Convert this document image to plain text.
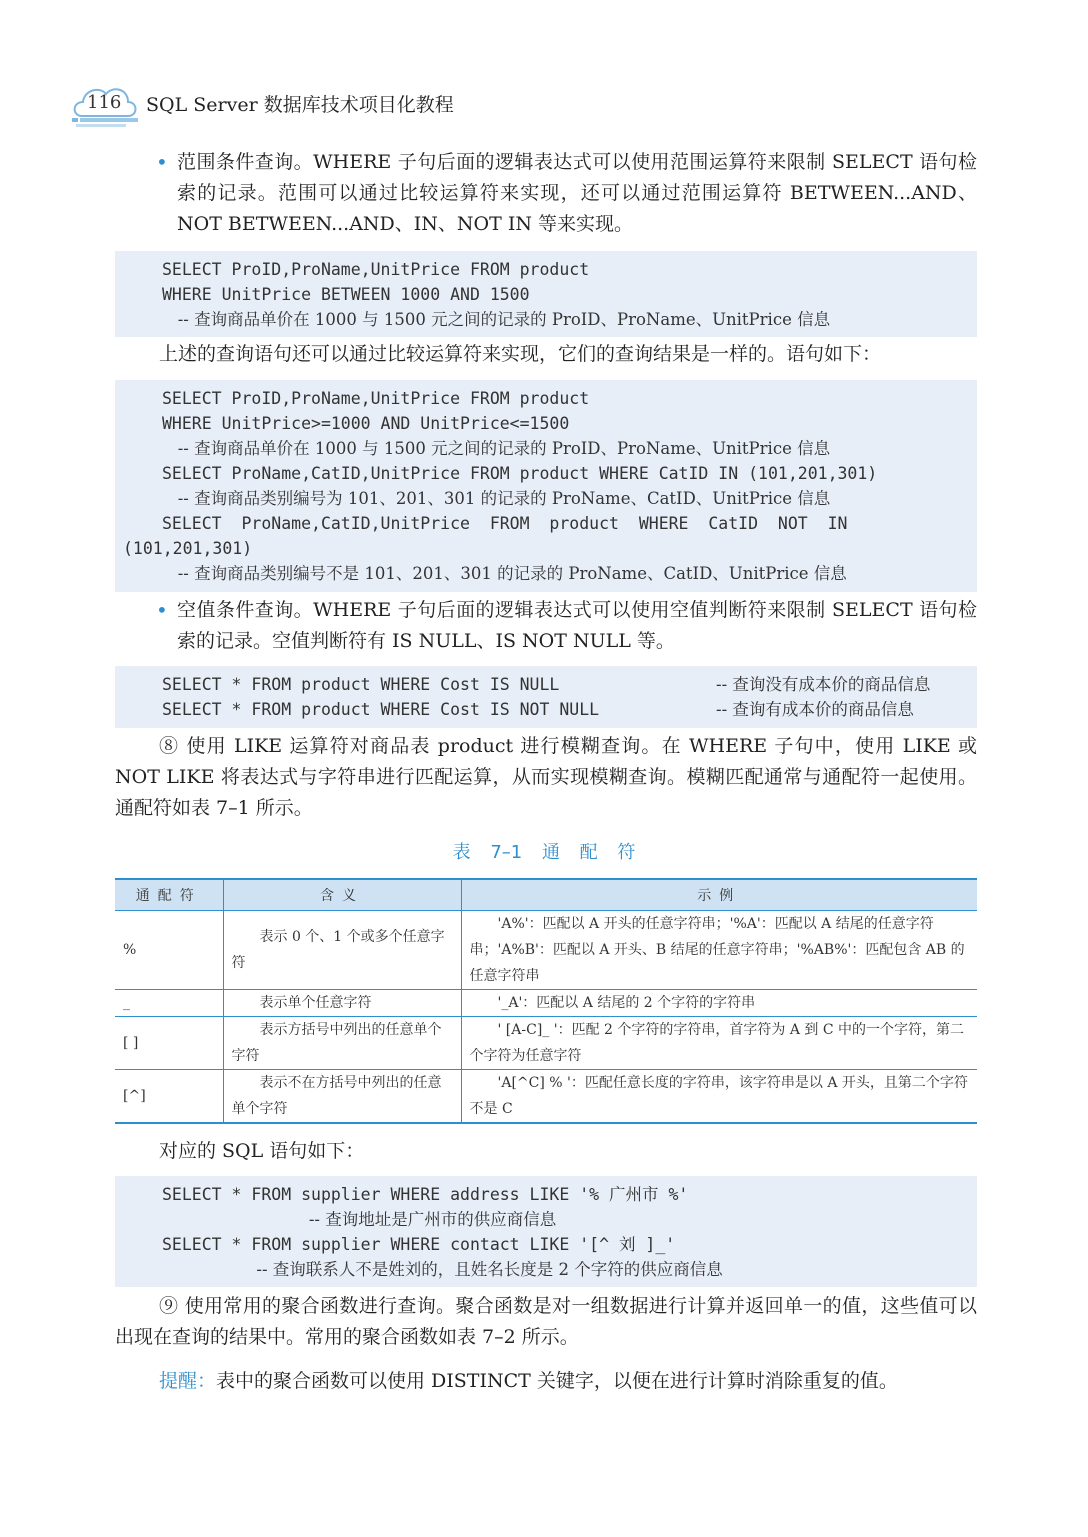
116 SQL Server 数据库技术项目化教程
• 范围条件查询。WHERE 子句后面的逻辑表达式可以使用范围运算符来限制 SELECT 语句检索的记录。范围可以通过比较运算符来实现，还可以通过范围运算符 BETWEEN...AND、NOT BETWEEN...AND、IN、NOT IN 等来实现。
SELECT ProID,ProName,UnitPrice FROM product
WHERE UnitPrice BETWEEN 1000 AND 1500
-- 查询商品单价在 1000 与 1500 元之间的记录的 ProID、ProName、UnitPrice 信息

上述的查询语句还可以通过比较运算符来实现，它们的查询结果是一样的。语句如下：

SELECT ProID,ProName,UnitPrice FROM product
WHERE UnitPrice>=1000 AND UnitPrice<=1500
-- 查询商品单价在 1000 与 1500 元之间的记录的 ProID、ProName、UnitPrice 信息
SELECT ProName,CatID,UnitPrice FROM product WHERE CatID IN (101,201,301)
-- 查询商品类别编号为 101、201、301 的记录的 ProName、CatID、UnitPrice 信息
SELECT  ProName,CatID,UnitPrice  FROM  product  WHERE  CatID  NOT  IN
(101,201,301)
-- 查询商品类别编号不是 101、201、301 的记录的 ProName、CatID、UnitPrice 信息
• 空值条件查询。WHERE 子句后面的逻辑表达式可以使用空值判断符来限制 SELECT 语句检索的记录。空值判断符有 IS NULL、IS NOT NULL 等。
SELECT * FROM product WHERE Cost IS NULL	-- 查询没有成本价的商品信息
SELECT * FROM product WHERE Cost IS NOT NULL	-- 查询有成本价的商品信息

⑧ 使用 LIKE 运算符对商品表 product 进行模糊查询。在 WHERE 子句中，使用 LIKE 或 NOT LIKE 将表达式与字符串进行匹配运算，从而实现模糊查询。模糊匹配通常与通配符一起使用。通配符如表 7–1 所示。

表 7–1 通 配 符
通配符	含义	示例
%	表示 0 个、1 个或多个任意字符	'A%'：匹配以 A 开头的任意字符串；'%A'：匹配以 A 结尾的任意字符串；'A%B'：匹配以 A 开头、B 结尾的任意字符串；'%AB%'：匹配包含 AB 的任意字符串
_	表示单个任意字符	'_A'：匹配以 A 结尾的 2 个字符的字符串
[ ]	表示方括号中列出的任意单个字符	' [A-C]_ '：匹配 2 个字符的字符串，首字符为 A 到 C 中的一个字符，第二个字符为任意字符
[^]	表示不在方括号中列出的任意单个字符	'A[^C] % '：匹配任意长度的字符串，该字符串是以 A 开头，且第二个字符不是 C

对应的 SQL 语句如下：

SELECT * FROM supplier WHERE address LIKE '% 广州市 %'
-- 查询地址是广州市的供应商信息
SELECT * FROM supplier WHERE contact LIKE '[^ 刘 ]_'
-- 查询联系人不是姓刘的，且姓名长度是 2 个字符的供应商信息

⑨ 使用常用的聚合函数进行查询。聚合函数是对一组数据进行计算并返回单一的值，这些值可以出现在查询的结果中。常用的聚合函数如表 7–2 所示。

提醒：表中的聚合函数可以使用 DISTINCT 关键字，以便在进行计算时消除重复的值。
